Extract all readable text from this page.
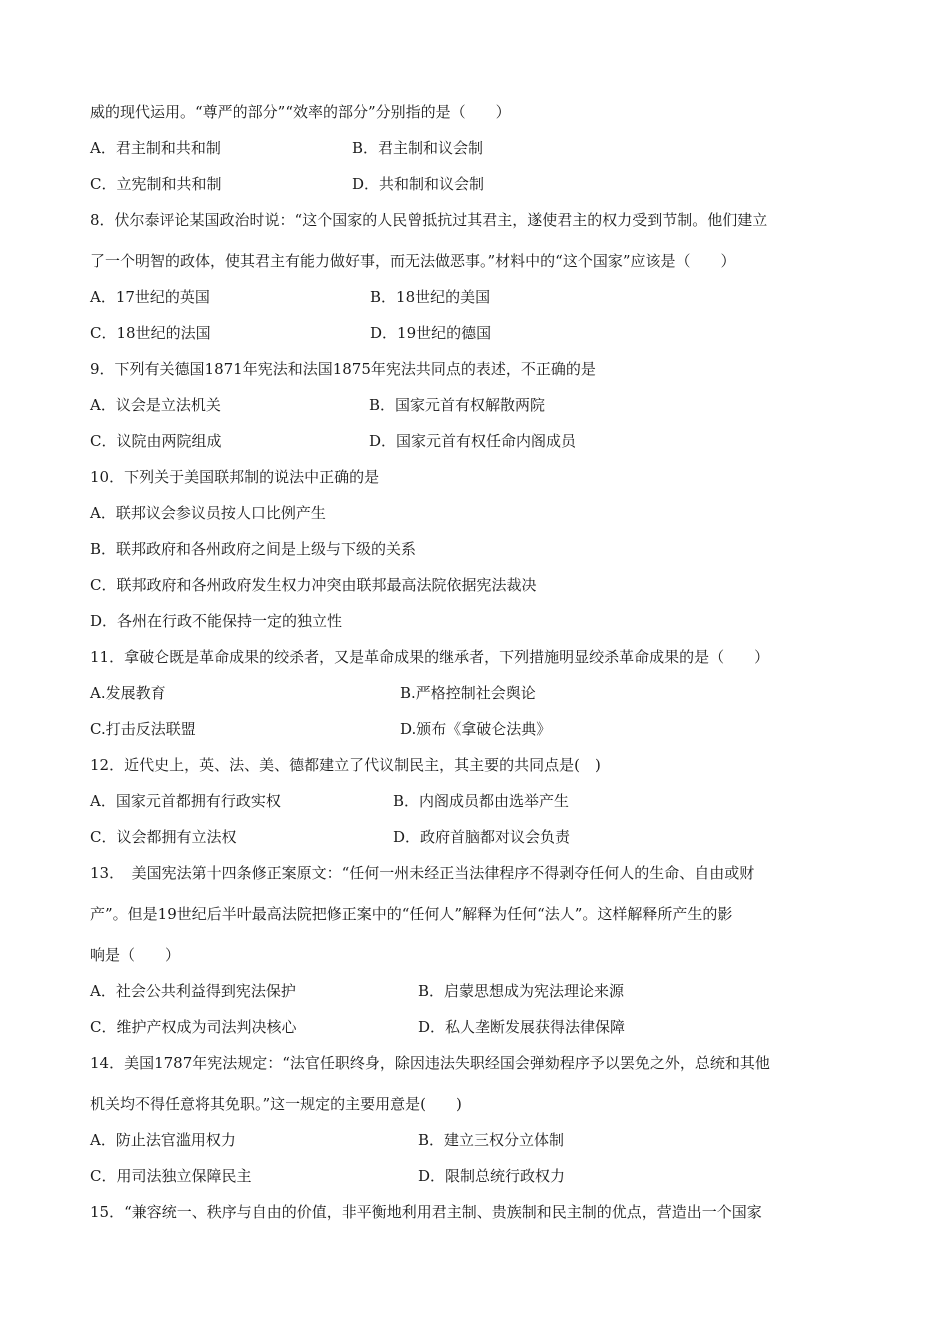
威的现代运用。“尊严的部分”“效率的部分”分别指的是（　　）
A．君主制和共和制	B．君主制和议会制
C．立宪制和共和制	D．共和制和议会制
8．伏尔泰评论某国政治时说：“这个国家的人民曾抵抗过其君主，遂使君主的权力受到节制。他们建立
了一个明智的政体，使其君主有能力做好事，而无法做恶事。”材料中的“这个国家”应该是（　　）
A．17世纪的英国	B．18世纪的美国
C．18世纪的法国	D．19世纪的德国
9．下列有关德国1871年宪法和法国1875年宪法共同点的表述，不正确的是
A．议会是立法机关	B．国家元首有权解散两院
C．议院由两院组成	D．国家元首有权任命内阁成员
10．下列关于美国联邦制的说法中正确的是
A．联邦议会参议员按人口比例产生
B．联邦政府和各州政府之间是上级与下级的关系
C．联邦政府和各州政府发生权力冲突由联邦最高法院依据宪法裁决
D．各州在行政不能保持一定的独立性
11．拿破仑既是革命成果的绞杀者，又是革命成果的继承者，下列措施明显绞杀革命成果的是（　　）
A.发展教育	B.严格控制社会舆论
C.打击反法联盟	D.颁布《拿破仑法典》
12．近代史上，英、法、美、德都建立了代议制民主，其主要的共同点是(　)
A．国家元首都拥有行政实权	B．内阁成员都由选举产生
C．议会都拥有立法权	D．政府首脑都对议会负责
13．　美国宪法第十四条修正案原文：“任何一州未经正当法律程序不得剥夺任何人的生命、自由或财
产”。但是19世纪后半叶最高法院把修正案中的“任何人”解释为任何“法人”。这样解释所产生的影
响是（　　）
A．社会公共利益得到宪法保护	B．启蒙思想成为宪法理论来源
C．维护产权成为司法判决核心	D．私人垄断发展获得法律保障
14．美国1787年宪法规定：“法官任职终身，除因违法失职经国会弹劾程序予以罢免之外，总统和其他
机关均不得任意将其免职。”这一规定的主要用意是(　　)
A．防止法官滥用权力	B．建立三权分立体制
C．用司法独立保障民主	D．限制总统行政权力
15．“兼容统一、秩序与自由的价值，非平衡地利用君主制、贵族制和民主制的优点，营造出一个国家
